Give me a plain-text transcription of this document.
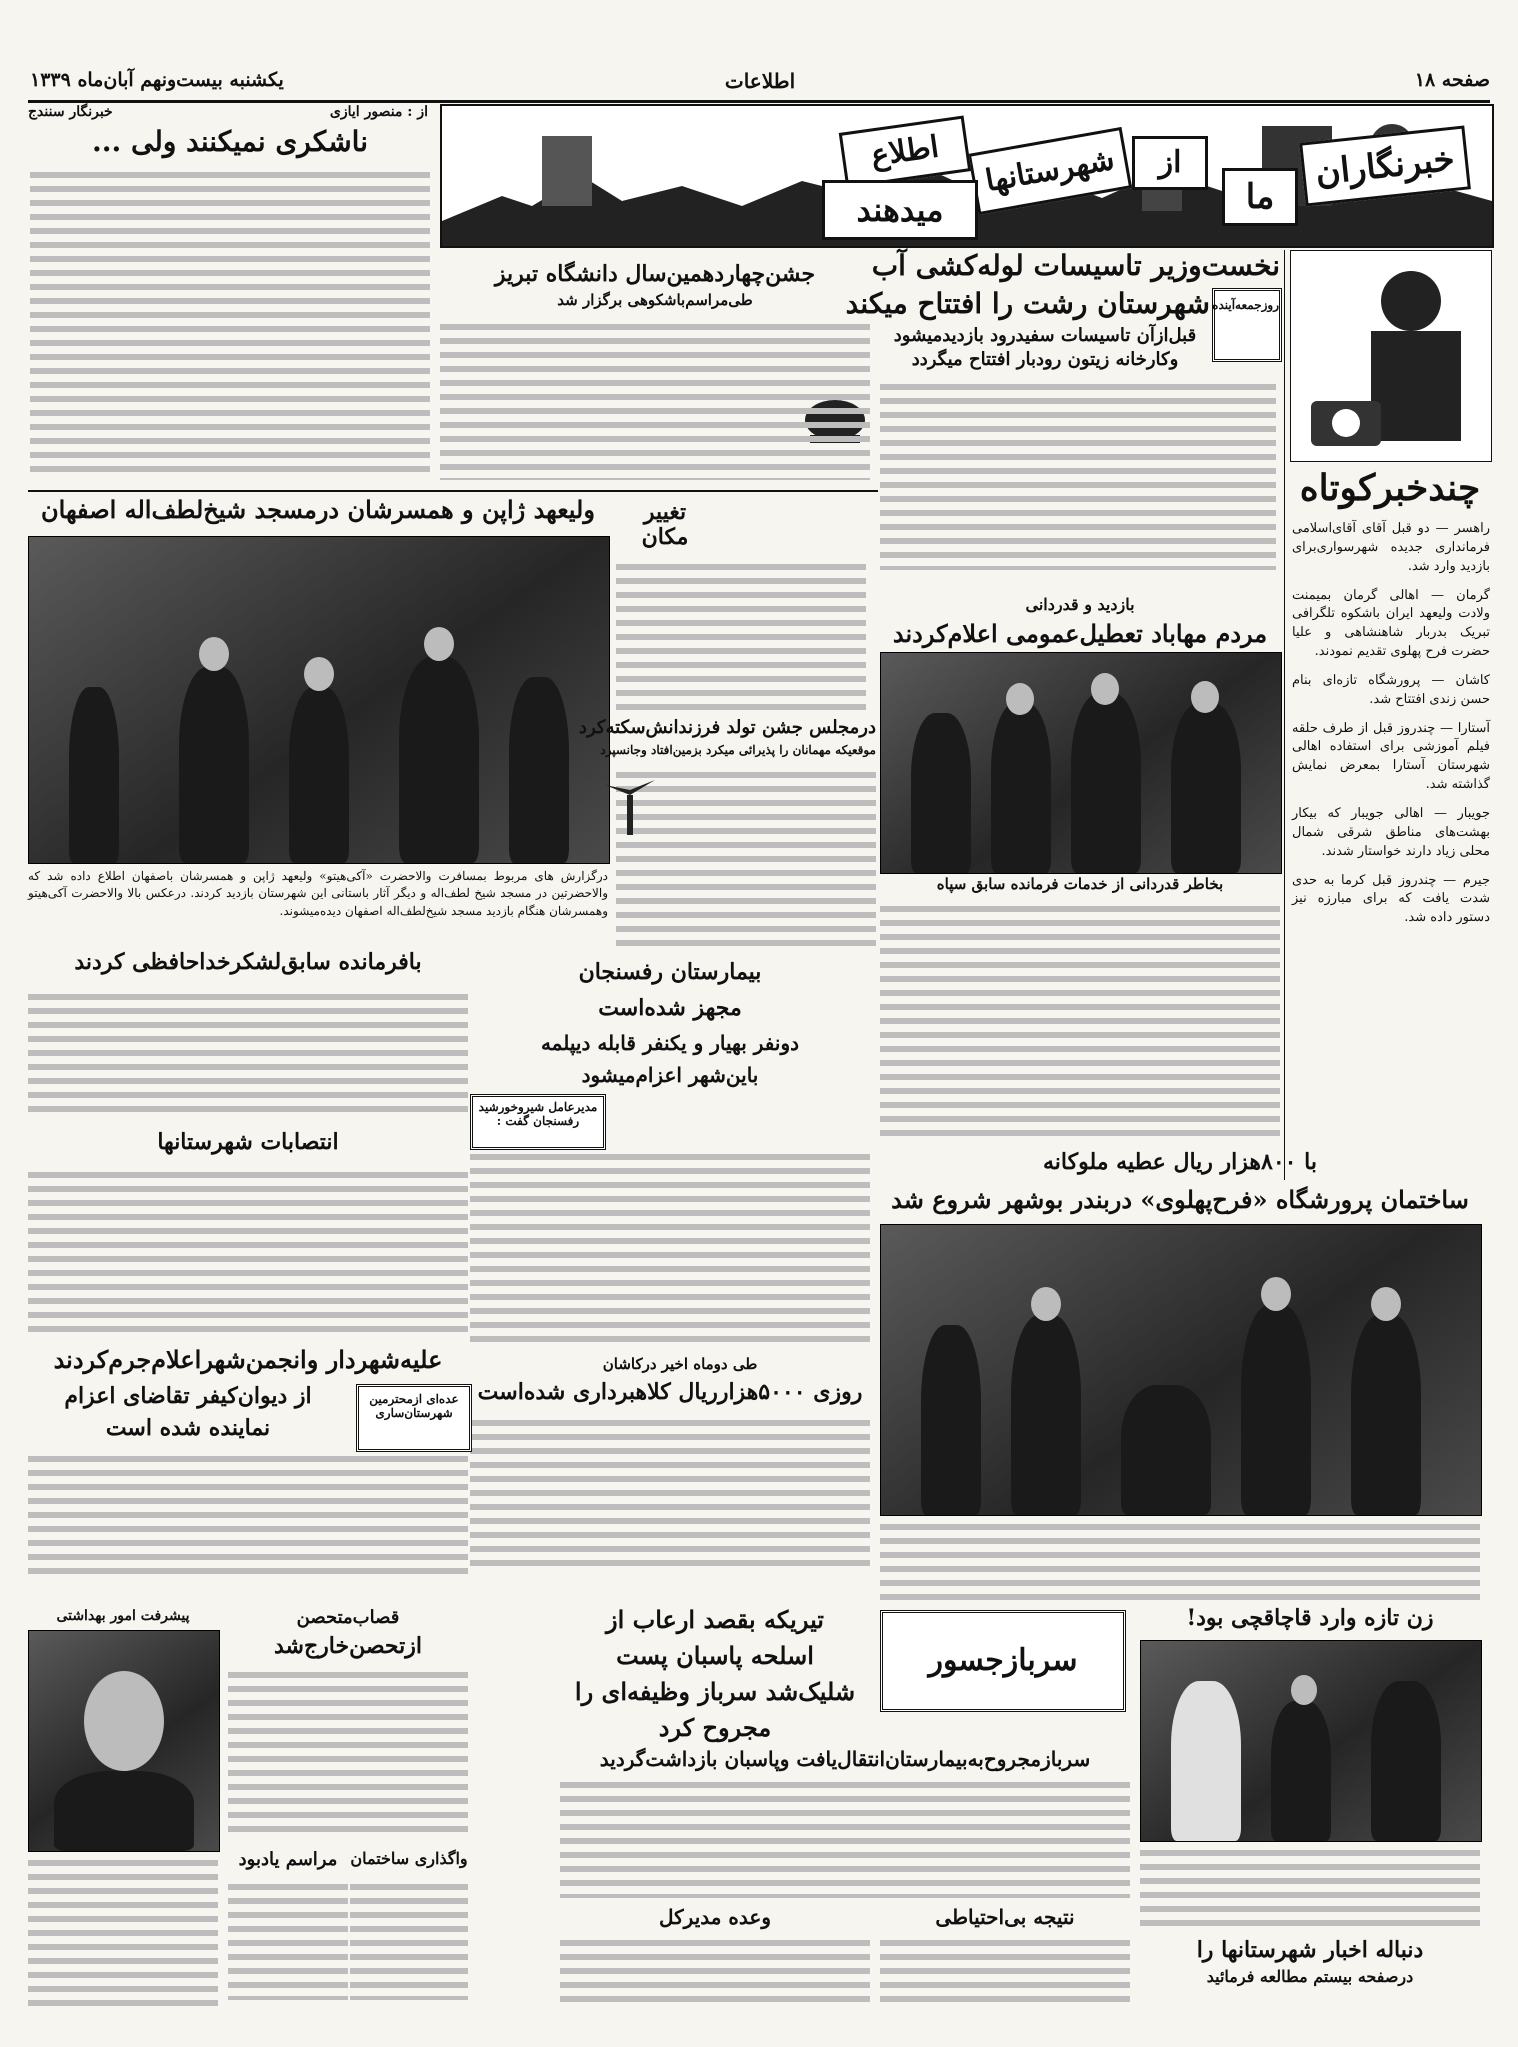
یکشنبه بیست‌ونهم آبان‌ماه ۱۳۳۹	اطلاعات	صفحه ۱۸
خبرنگار سنندج	از : منصور ایازی
ناشکری نمیکنند ولی ...	خبرنگاران
ما
از
شهرستانها
اطلاع
میدهند
چندخبرکوتاه

راهسر — دو قبل آقای آقای‌اسلامی فرمانداری جدیده شهرسواری‌برای بازدید وارد شد.

گرمان — اهالی گرمان بمیمنت ولادت ولیعهد ایران باشکوه تلگرافی تبریک بدربار شاهنشاهی و علیا حضرت فرح پهلوی تقدیم نمودند.

کاشان — پرورشگاه تازه‌ای بنام حسن زندی افتتاح شد.

آستارا — چندروز قبل از طرف حلقه فیلم آموزشی برای استفاده اهالی شهرستان آستارا بمعرض نمایش گذاشته شد.

جویبار — اهالی جویبار که بیکار بهشت‌های مناطق شرقی شمال محلی زیاد دارند خواستار شدند.

جیرم — چندروز قبل کرما به حدی شدت یافت که برای مبارزه نیز دستور داده شد.

نخست‌وزیر تاسیسات لوله‌کشی آب
شهرستان رشت را افتتاح میکند روزجمعه‌آینده
قبل‌ازآن تاسیسات سفیدرود بازدیدمیشود
وکارخانه زیتون رودبار افتتاح میگردد
جشن‌چهاردهمین‌سال دانشگاه تبریز
طی‌مراسم‌باشکوهی برگزار شد
ولیعهد ژاپن و همسرشان درمسجد شیخ‌لطف‌اله اصفهان
درگزارش های مربوط بمسافرت والاحضرت «آکی‌هیتو» ولیعهد ژاپن و همسرشان باصفهان اطلاع داده شد که والاحضرتین در مسجد شیخ لطف‌اله و دیگر آثار باستانی این شهرستان بازدید کردند. درعکس بالا والاحضرت آکی‌هیتو وهمسرشان هنگام بازدید مسجد شیخ‌لطف‌اله اصفهان دیده‌میشوند.
تغییر مکان
بازدید و قدردانی
مردم مهاباد تعطیل‌عمومی اعلام‌کردند
بخاطر قدردانی از خدمات فرمانده سابق سپاه
درمجلس جشن تولد فرزندانش‌سکته‌کرد
موقعیکه مهمانان را پذیرائی میکرد بزمین‌افتاد وجانسپرد
بافرمانده سابق‌لشکرخداحافظی کردند
انتصابات شهرستانها
بیمارستان رفسنجان
مجهز شده‌است
دونفر بهیار و یکنفر قابله دیپلمه
باین‌شهر اعزام‌میشود
مدیرعامل شیروخورشید رفسنجان گفت :
طی دوماه اخیر درکاشان
روزی ۵۰۰۰هزارریال کلاهبرداری شده‌است
با ۸۰۰هزار ریال عطیه ملوکانه
ساختمان پرورشگاه «فرح‌پهلوی» دربندر بوشهر شروع شد
علیه‌شهردار وانجمن‌شهراعلام‌جرم‌کردند
از دیوان‌کیفر تقاضای اعزام
نماینده شده است
عده‌ای ازمحترمین شهرستان‌ساری
زن تازه وارد قاچاقچی بود!
دنباله اخبار شهرستانها را
درصفحه بیستم مطالعه فرمائید
سربازجسور
تیریکه بقصد ارعاب از
اسلحه پاسبان پست
شلیک‌شد سرباز وظیفه‌ای را
مجروح کرد
سربازمجروح‌به‌بیمارستان‌انتقال‌یافت وپاسبان بازداشت‌گردید
قصاب‌متحصن
ازتحصن‌خارج‌شد
پیشرفت امور بهداشتی
مراسم یادبود واگذاری ساختمان
نتیجه بی‌احتیاطی
وعده مدیرکل
